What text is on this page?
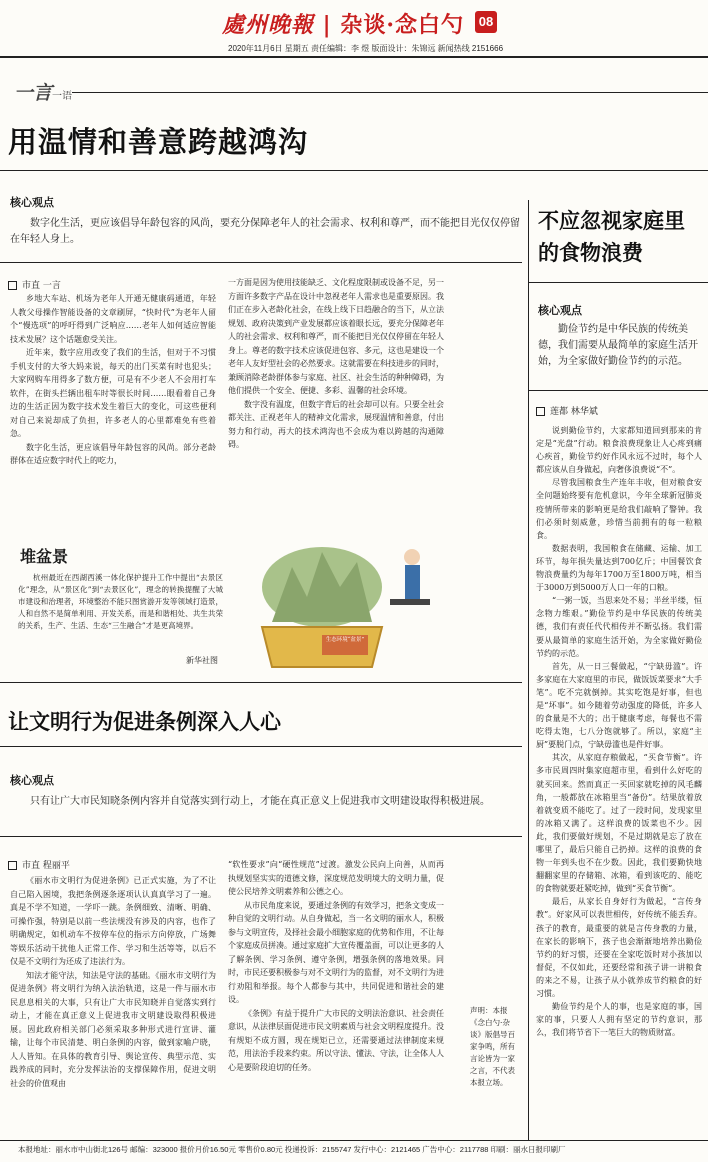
處州晚報 | 杂谈·念白勺	08
2020年11月6日 星期五 责任编辑：李 煜 版面设计：朱锦远 新闻热线 2151666
一言一语
用温情和善意跨越鸿沟
核心观点
数字化生活，更应该倡导年龄包容的风尚，要充分保障老年人的社会需求、权利和尊严，而不能把目光仅仅停留在年轻人身上。
市直 一言

乡地大车站、机场为老年人开通无健康码通道，年轻人教父母操作智能设备的文章刷屏，“快时代”为老年人留个“慢选项”的呼吁得到广泛响应……老年人如何适应智能技术发展？这个话题愈受关注。

近年来，数字应用改变了我们的生活，但对于不习惯手机支付的大爷大妈来说，每天的出门买菜有时也犯头；大家网购车用得多了数方便，可是有不少老人不会用打车软件，在街头拦辆出租车时等很长时间……眼看着自己身边的生活正因为数字技术发生着巨大的变化，可这些便利对自己来说却成了负担，许多老人的心里都难免有些着急。

数字化生活，更应该倡导年龄包容的风尚。部分老龄群体在适应数字时代上的吃力，

一方面是因为使用技能缺乏、文化程度限制或设备不足，另一方面许多数字产品在设计中忽视老年人需求也是重要原因。我们正在步入老龄化社会，在线上线下日趋融合的当下，从立法规划、政府决策到产业发展都应该着眼长远，要充分保障老年人的社会需求、权利和尊严，而不能把目光仅仅停留在年轻人身上。尊老的数字技术应该促进包容、多元，这也是建设一个老年人友好型社会的必然要求。这就需要在科技进步的同时，兼顾消除老龄群体参与家庭、社区、社会生活的种种障碍，为他们提供一个安全、便捷、多彩、温馨的社会环境。

数字没有温度，但数字背后的社会却可以有。只要全社会都关注、正视老年人的精神文化需求，展现温情和善意，付出努力和行动，再大的技术鸿沟也不会成为难以跨越的沟通障碍。

堆盆景

杭州最近在西湖西溪一体化保护提升工作中提出“去景区化”理念，从“景区化”到“去景区化”，理念的转换提醒了大城市建设和治理者，环境整治不能只图赏游开发等领域打造景，人和自然不是简单利用、开发关系，而是和谐相处、共生共荣的关系，生产、生活、生态“三生融合”才是更高境界。

新华社图
生态环境“盆景”
让文明行为促进条例深入人心
核心观点
只有让广大市民知晓条例内容并自觉落实到行动上，才能在真正意义上促进我市文明建设取得积极进展。
市直 程丽平

《丽水市文明行为促进条例》已正式实施，为了不让自己陷入困境，我把条例逐条逐项认认真真学习了一遍。真是不学不知道，一学吓一跳。条例细致、清晰、明确、可操作强，特别是以前一些法规没有涉及的内容，也作了明确规定，如机动车不按停车位的指示方向停放，广场舞等娱乐活动干扰他人正常工作、学习和生活等等，以后不仅是不文明行为还成了违法行为。

知法才能守法，知法是守法的基础。《丽水市文明行为促进条例》将文明行为纳入法治轨道，这是一件与丽水市民息息相关的大事，只有让广大市民知晓并自觉落实到行动上，才能在真正意义上促进我市文明建设取得积极进展。因此政府相关部门必须采取多种形式进行宣讲、灌输，让每个市民清楚、明白条例的内容，做到家喻户晓，人人皆知。在具体的教育引导、舆论宣传、典型示范、实践养成的同时，充分发挥法治的支撑保障作用，促进文明社会的价值观由

“软性要求”向“硬性规范”过渡。激发公民向上向善，从而再执规划坚实实的道德文修，深度规范发明境大的文明力量，促使公民培养文明素养和公德之心。

从市民角度来说，要通过条例的有效学习，把条文变成一种自觉的文明行动。从自身做起，当一名文明的丽水人，积极参与文明宣传，及择社会最小细胞家庭的优势和作用，不让每个家庭成员拼凑。通过家庭扩大宣传覆盖面，可以让更多的人了解条例、学习条例、遵守条例，增强条例的落地效果。同时，市民还要积极参与对不文明行为的监督，对不文明行为进行劝阻和举报。每个人都参与其中，共同促进和谐社会的建设。

《条例》有益于提升广大市民的文明法治意识、社会责任意识，从法律层面促进市民文明素质与社会文明程度提升。没有规矩不成方圆，现在规矩已立，还需要通过法律制度来规范，用法治手段来约束。所以守法、懂法、守法，让全体人人心是要阶段迫切的任务。

声明：本报《念白勺·杂谈》版倡导百家争鸣，所有言论皆为一家之言，不代表本报立场。
不应忽视家庭里的食物浪费
核心观点
勤俭节约是中华民族的传统美德，我们需要从最简单的家庭生活开始，为全家做好勤俭节约的示范。
莲都 林华斌

说到勤俭节约，大家都知道回到那来的肯定是“光盘”行动。粮食浪费现象让人心疼到痛心疾首，勤俭节约好作风永远不过时，每个人都应该从自身做起，向奢侈浪费说“不”。

尽管我国粮食生产连年丰收，但对粮食安全问题始终要有危机意识，今年全球新冠肺炎疫情所带来的影响更是给我们敲响了警钟。我们必须时刻威惫，珍惜当前拥有的每一粒粮食。

数据表明，我国粮食在储藏、运输、加工环节，每年损失量达到700亿斤；中国餐饮食物浪费量约为每年1700万至1800万吨，相当于3000万到5000万人口一年的口粮。

“一粥一饭，当思来处不易；半丝半缕，恒念物力维艰。”勤俭节约是中华民族的传统美德，我们有责任代代相传并不断弘扬。我们需要从最简单的家庭生活开始，为全家做好勤俭节约的示范。

首先，从一日三餐做起，“宁缺毋滥”。许多家庭在大家庭里的市民，做饭饭菜要求“大手笔”。吃不完就倒掉。其实吃饱是好事，但也是“坏事”。如今随着劳动强度的降低，许多人的食量是不大的；出于健康考虑，每餐也不需吃得太饱，七八分饱就够了。所以，家庭“主厨”要脱门点，宁缺毋滥也是件好事。

其次，从家庭存粮做起，“买食节衡”。许多市民周四时集家庭超市里，看到什么好吃的就买回来。然而真正一买回家就吃掉的风毛麟角，一般都放在冰箱里当“备份”。结果放着放着就变质不能吃了。过了一段时间，发现家里的冰箱又满了。这样浪费的饭菜也不少。因此，我们要做好规划，不是过期就是忘了放在哪里了，最后只能自己扔掉。这样的浪费的食物一年到头也不在少数。因此，我们要勤快地翻翻家里的存储箱、冰箱，看到该吃的、能吃的食物就要赶紧吃掉，做到“买食节衡”。

最后，从家长自身好行为做起，“言传身教”。好家风可以表世相传，好传统不能丢弃。孩子的教育，最重要的就是言传身教的力量，在家长的影响下，孩子也会渐渐地培养出勤俭节约的好习惯，还要在全家吃饭时对小孩加以督促，不仅如此，还要经常和孩子讲一讲粮食的来之不易，让孩子从小就养成节约粮食的好习惯。

勤俭节约是个人的事，也是家庭的事，国家的事，只要人人拥有坚定的节约意识，那么，我们将节省下一笔巨大的物质财富。

本报地址：丽水市中山街北126号 邮编：323000 报价月价16.50元 零售价0.80元 投递投诉：2155747 发行中心：2121465 广告中心：2117788 印刷：丽水日报印刷厂
